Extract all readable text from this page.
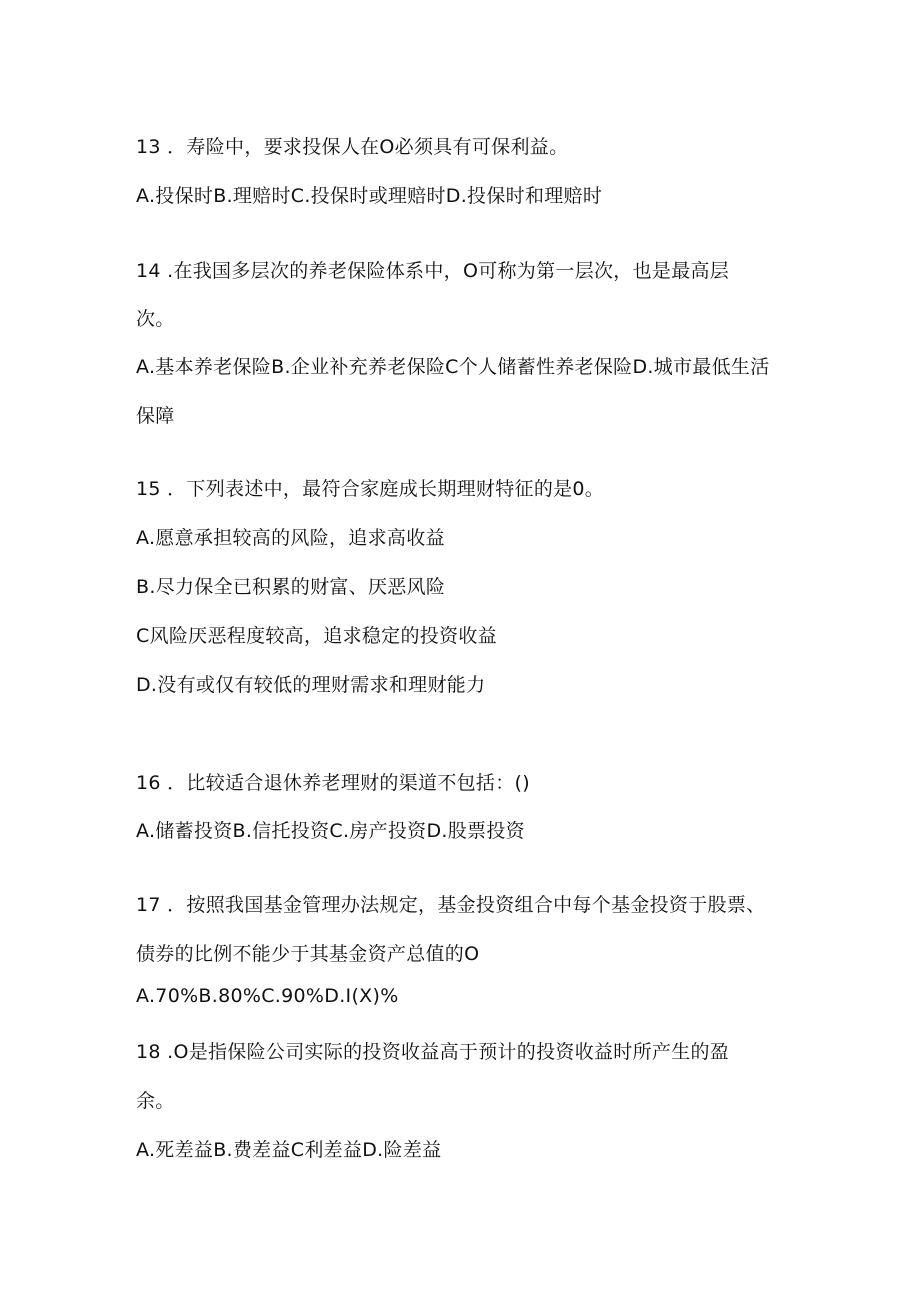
13 ．寿险中，要求投保人在O必须具有可保利益。
A.投保时B.理赔时C.投保时或理赔时D.投保时和理赔时
14 .在我国多层次的养老保险体系中，O可称为第一层次，也是最高层
次。
A.基本养老保险B.企业补充养老保险C个人储蓄性养老保险D.城市最低生活
保障
15 ．下列表述中，最符合家庭成长期理财特征的是0。
A.愿意承担较高的风险，追求高收益
B.尽力保全已积累的财富、厌恶风险
C风险厌恶程度较高，追求稳定的投资收益
D.没有或仅有较低的理财需求和理财能力
16 ．比较适合退休养老理财的渠道不包括：()
A.储蓄投资B.信托投资C.房产投资D.股票投资
17 ．按照我国基金管理办法规定，基金投资组合中每个基金投资于股票、
债券的比例不能少于其基金资产总值的O
A.70%B.80%C.90%D.I(X)%
18 .O是指保险公司实际的投资收益高于预计的投资收益时所产生的盈
余。
A.死差益B.费差益C利差益D.险差益
